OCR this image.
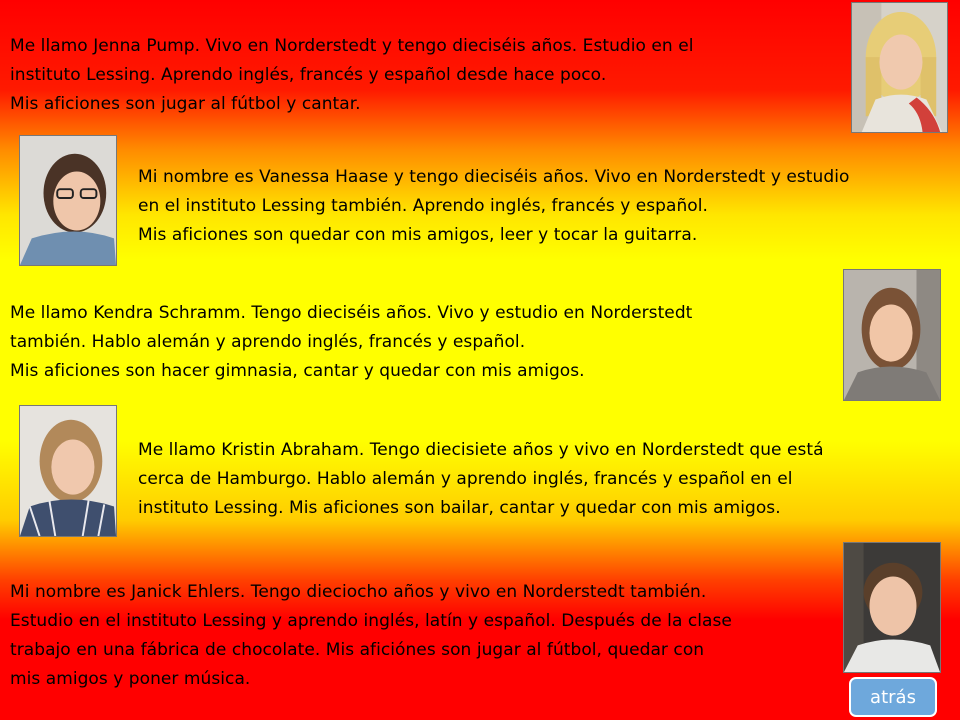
Me llamo Jenna Pump. Vivo en Norderstedt y tengo dieciséis años. Estudio en el
instituto Lessing. Aprendo inglés, francés y español desde hace poco.
Mis aficiones son jugar al fútbol y cantar.

Mi nombre es Vanessa Haase y tengo dieciséis años. Vivo en Norderstedt y estudio
en el instituto Lessing también. Aprendo inglés, francés y español.
Mis aficiones son quedar con mis amigos, leer y tocar la guitarra.

Me llamo Kendra Schramm. Tengo dieciséis años. Vivo y estudio en Norderstedt
también. Hablo alemán y aprendo inglés, francés y español.
Mis aficiones son hacer gimnasia, cantar y quedar con mis amigos.

Me llamo Kristin Abraham. Tengo diecisiete años y vivo en Norderstedt que está
cerca de Hamburgo. Hablo alemán y aprendo inglés, francés y español en el
instituto Lessing. Mis aficiones son bailar, cantar y quedar con mis amigos.

Mi nombre es Janick Ehlers. Tengo dieciocho años y vivo en Norderstedt también.
Estudio en el instituto Lessing y aprendo inglés, latín y español. Después de la clase
trabajo en una fábrica de chocolate. Mis aficiónes son jugar al fútbol, quedar con
mis amigos y poner música.

atrás
